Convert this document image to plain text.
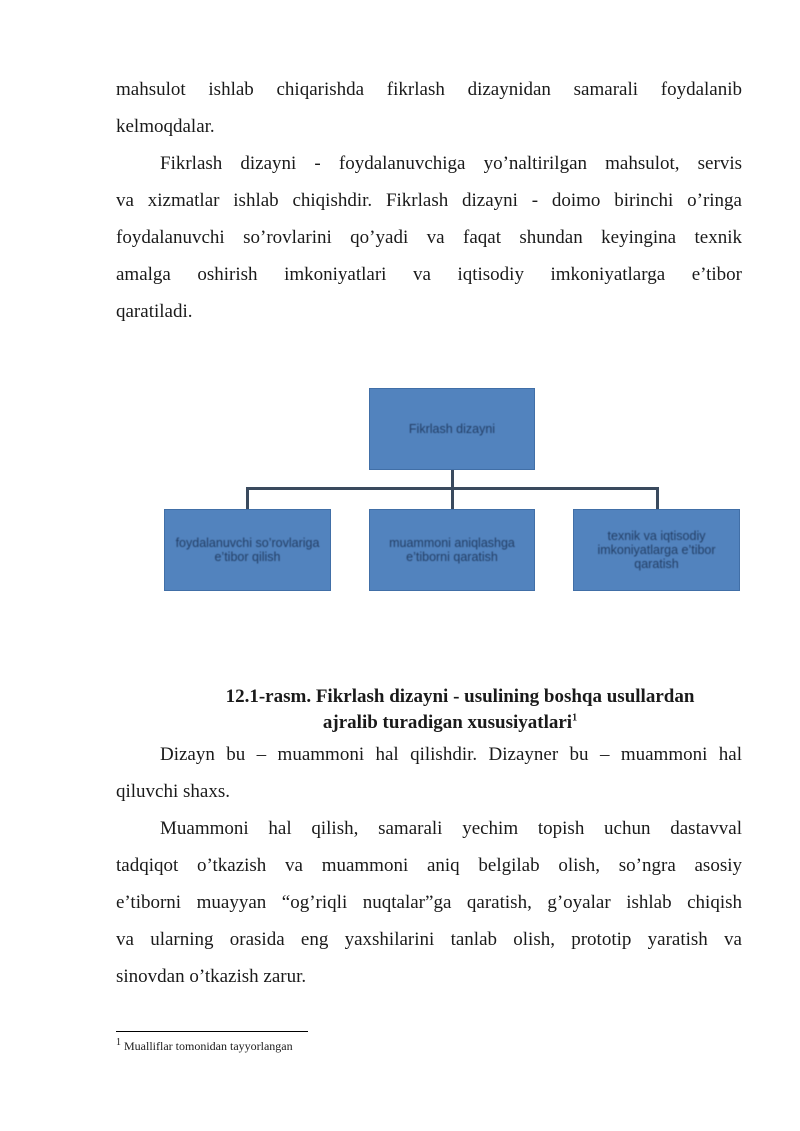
mahsulot ishlab chiqarishda fikrlash dizaynidan samarali foydalanib
kelmoqdalar.
Fikrlash dizayni - foydalanuvchiga yo’naltirilgan mahsulot, servis
va xizmatlar ishlab chiqishdir. Fikrlash dizayni - doimo birinchi o’ringa
foydalanuvchi so’rovlarini qo’yadi va faqat shundan keyingina texnik
amalga oshirish imkoniyatlari va iqtisodiy imkoniyatlarga e’tibor
qaratiladi.
Fikrlash dizayni
foydalanuvchi so’rovlariga e’tibor qilish
muammoni aniqlashga e’tiborni qaratish
texnik va iqtisodiy imkoniyatlarga e’tibor qaratish
12.1-rasm. Fikrlash dizayni - usulining boshqa usullardan
ajralib turadigan xususiyatlari$^1$
Dizayn bu – muammoni hal qilishdir. Dizayner bu – muammoni hal
qiluvchi shaxs.
Muammoni hal qilish, samarali yechim topish uchun dastavval
tadqiqot o’tkazish va muammoni aniq belgilab olish, so’ngra asosiy
e’tiborni muayyan “og’riqli nuqtalar”ga qaratish, g’oyalar ishlab chiqish
va ularning orasida eng yaxshilarini tanlab olish, prototip yaratish va
sinovdan o’tkazish zarur.
$^1$ Mualliflar tomonidan tayyorlangan
